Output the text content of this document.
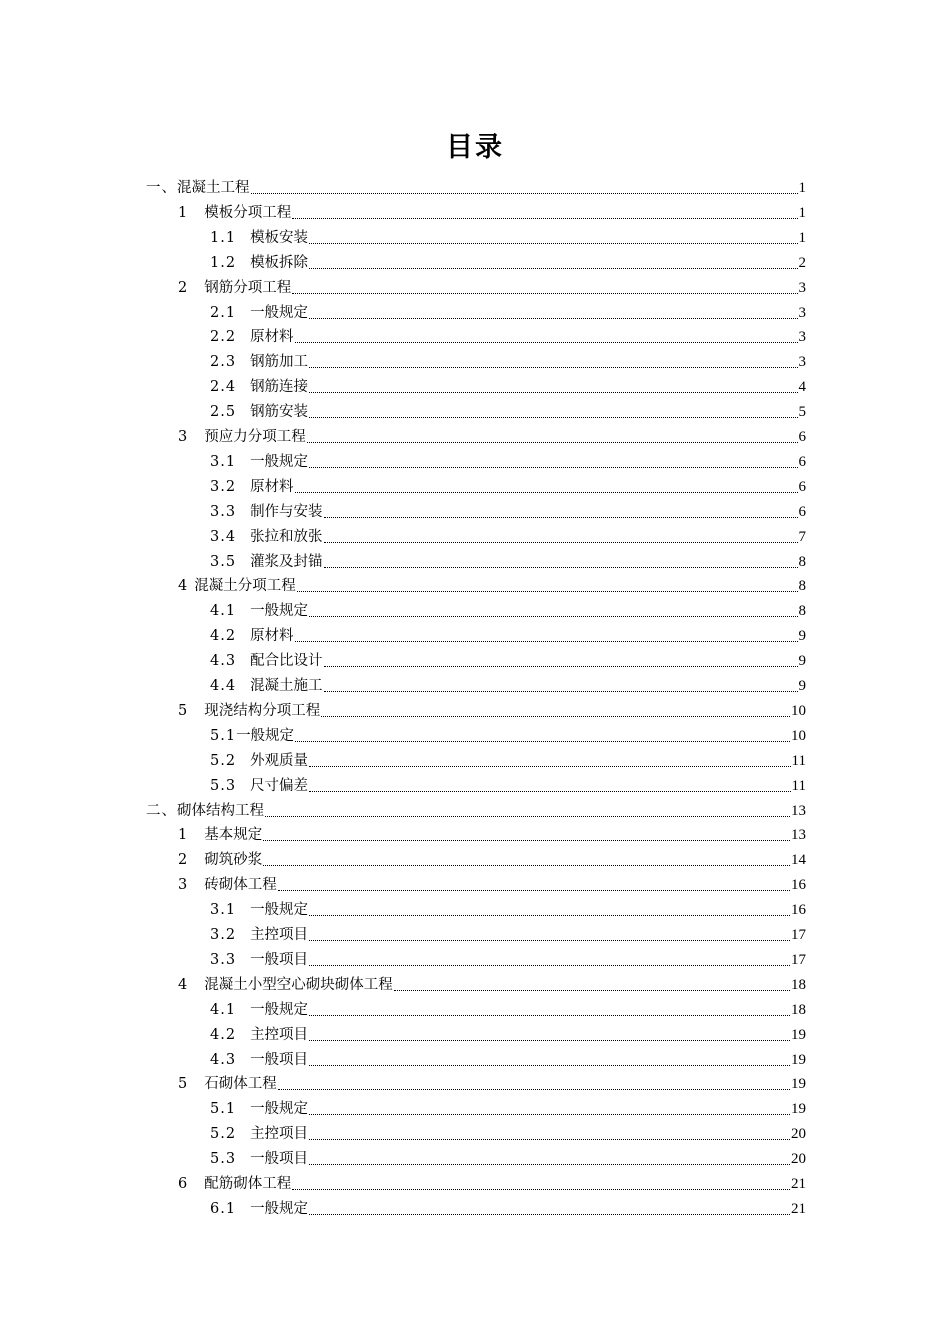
目录
一、混凝土工程	1
1 模板分项工程	1
1.1 模板安装	1
1.2 模板拆除	2
2 钢筋分项工程	3
2.1 一般规定	3
2.2 原材料	3
2.3 钢筋加工	3
2.4 钢筋连接	4
2.5 钢筋安装	5
3 预应力分项工程	6
3.1 一般规定	6
3.2 原材料	6
3.3 制作与安装	6
3.4 张拉和放张	7
3.5 灌浆及封锚	8
4 混凝土分项工程	8
4.1 一般规定	8
4.2 原材料	9
4.3 配合比设计	9
4.4 混凝土施工	9
5 现浇结构分项工程	10
5.1一般规定	10
5.2 外观质量	11
5.3 尺寸偏差	11
二、砌体结构工程	13
1 基本规定	13
2 砌筑砂浆	14
3 砖砌体工程	16
3.1 一般规定	16
3.2 主控项目	17
3.3 一般项目	17
4 混凝土小型空心砌块砌体工程	18
4.1 一般规定	18
4.2 主控项目	19
4.3 一般项目	19
5 石砌体工程	19
5.1 一般规定	19
5.2 主控项目	20
5.3 一般项目	20
6 配筋砌体工程	21
6.1 一般规定	21
